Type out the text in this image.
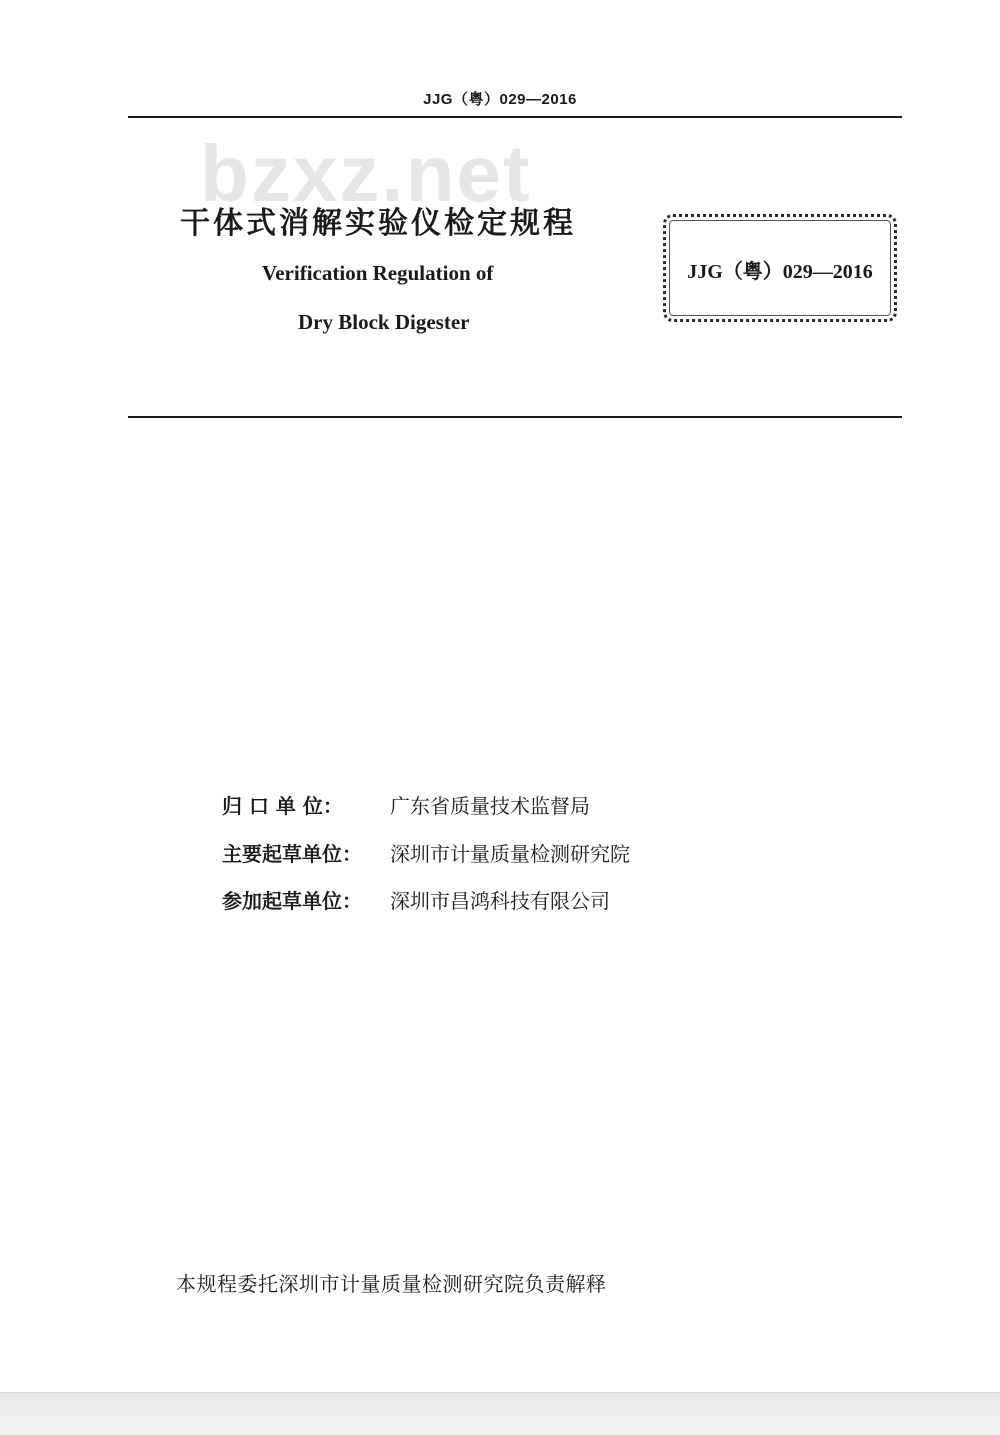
JJG（粤）029—2016
bzxz.net
干体式消解实验仪检定规程
Verification Regulation of
Dry Block Digester
JJG（粤）029—2016
归 口 单 位： 广东省质量技术监督局
主要起草单位： 深圳市计量质量检测研究院
参加起草单位： 深圳市昌鸿科技有限公司
本规程委托深圳市计量质量检测研究院负责解释
